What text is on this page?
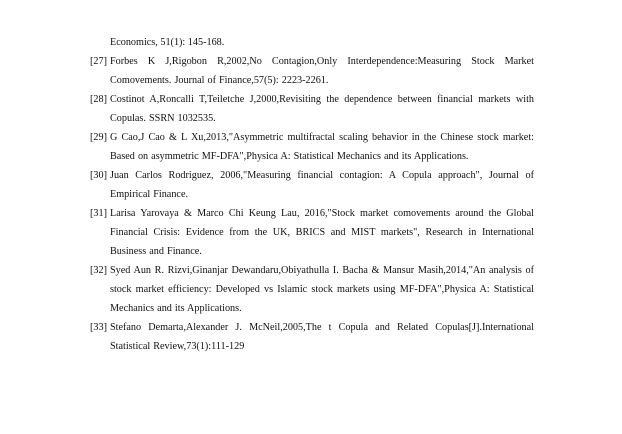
Economics, 51(1): 145-168.

[27] Forbes K J,Rigobon R,2002,No Contagion,Only Interdependence:Measuring Stock Market Comovements. Journal of Finance,57(5): 2223-2261.
[28] Costinot A,Roncalli T,Teiletche J,2000,Revisiting the dependence between financial markets with Copulas. SSRN 1032535.
[29] G Cao,J Cao & L Xu,2013,"Asymmetric multifractal scaling behavior in the Chinese stock market: Based on asymmetric MF-DFA",Physica A: Statistical Mechanics and its Applications.
[30] Juan Carlos Rodriguez, 2006,"Measuring financial contagion: A Copula approach", Journal of Empirical Finance.
[31] Larisa Yarovaya & Marco Chi Keung Lau, 2016,"Stock market comovements around the Global Financial Crisis: Evidence from the UK, BRICS and MIST markets", Research in International Business and Finance.
[32] Syed Aun R. Rizvi,Ginanjar Dewandaru,Obiyathulla I. Bacha & Mansur Masih,2014,"An analysis of stock market efficiency: Developed vs Islamic stock markets using MF-DFA",Physica A: Statistical Mechanics and its Applications.
[33] Stefano Demarta,Alexander J. McNeil,2005,The t Copula and Related Copulas[J].International Statistical Review,73(1):111-129
